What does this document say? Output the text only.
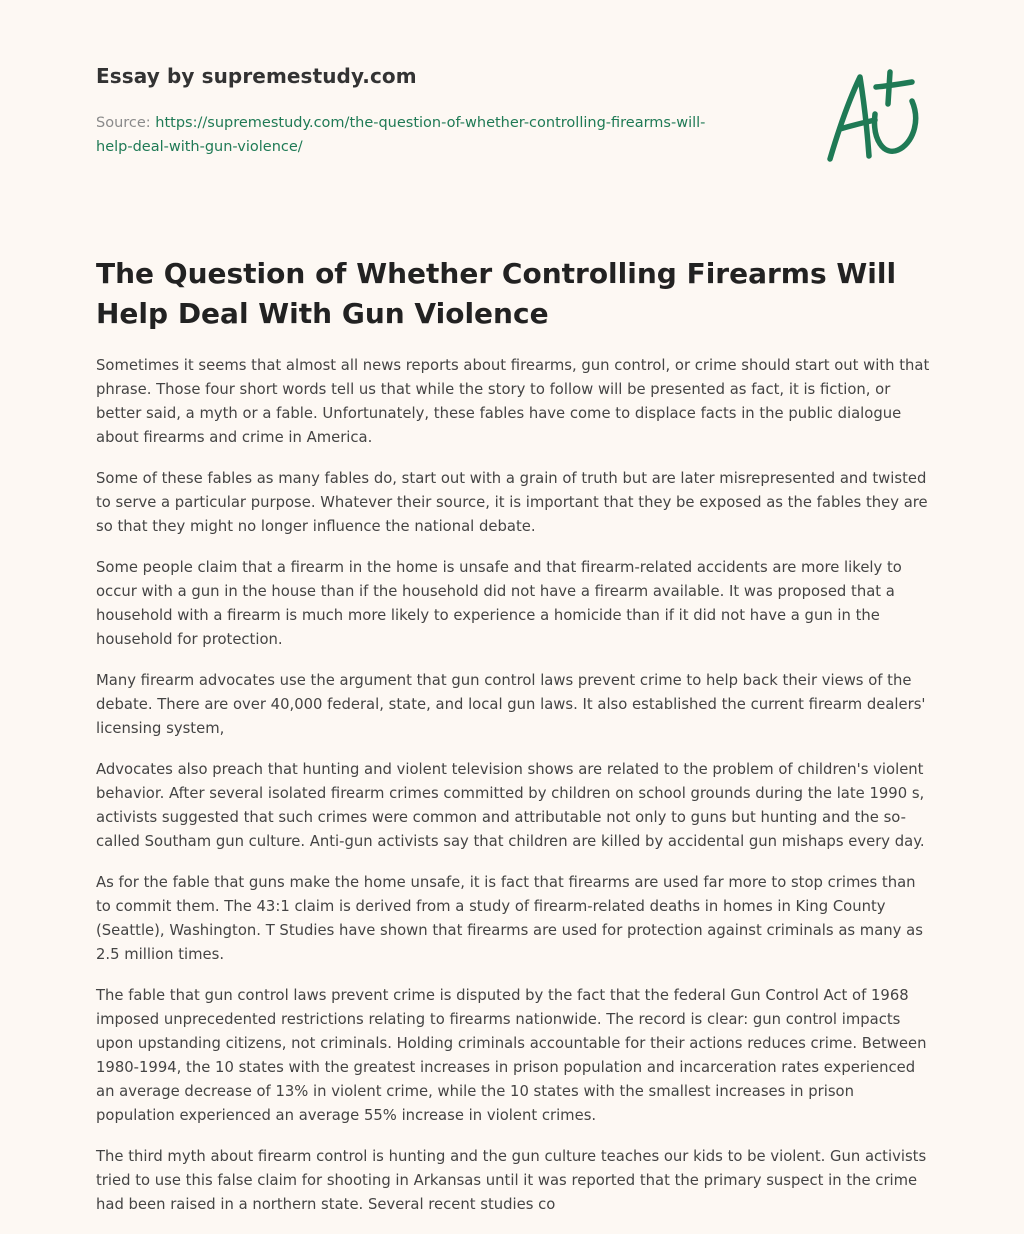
Essay by supremestudy.com
Source: https://supremestudy.com/the-question-of-whether-controlling-firearms-will-
help-deal-with-gun-violence/
The Question of Whether Controlling Firearms Will Help Deal With Gun Violence

Sometimes it seems that almost all news reports about firearms, gun control, or crime should start out with that phrase. Those four short words tell us that while the story to follow will be presented as fact, it is fiction, or better said, a myth or a fable. Unfortunately, these fables have come to displace facts in the public dialogue about firearms and crime in America.

Some of these fables as many fables do, start out with a grain of truth but are later misrepresented and twisted to serve a particular purpose. Whatever their source, it is important that they be exposed as the fables they are so that they might no longer influence the national debate.

Some people claim that a firearm in the home is unsafe and that firearm-related accidents are more likely to occur with a gun in the house than if the household did not have a firearm available. It was proposed that a household with a firearm is much more likely to experience a homicide than if it did not have a gun in the household for protection.

Many firearm advocates use the argument that gun control laws prevent crime to help back their views of the debate. There are over 40,000 federal, state, and local gun laws. It also established the current firearm dealers' licensing system,

Advocates also preach that hunting and violent television shows are related to the problem of children's violent behavior. After several isolated firearm crimes committed by children on school grounds during the late 1990 s, activists suggested that such crimes were common and attributable not only to guns but hunting and the so-called Southam gun culture. Anti-gun activists say that children are killed by accidental gun mishaps every day.

As for the fable that guns make the home unsafe, it is fact that firearms are used far more to stop crimes than to commit them. The 43:1 claim is derived from a study of firearm-related deaths in homes in King County (Seattle), Washington. T Studies have shown that firearms are used for protection against criminals as many as 2.5 million times.

The fable that gun control laws prevent crime is disputed by the fact that the federal Gun Control Act of 1968 imposed unprecedented restrictions relating to firearms nationwide. The record is clear: gun control impacts upon upstanding citizens, not criminals. Holding criminals accountable for their actions reduces crime. Between 1980-1994, the 10 states with the greatest increases in prison population and incarceration rates experienced an average decrease of 13% in violent crime, while the 10 states with the smallest increases in prison population experienced an average 55% increase in violent crimes.

The third myth about firearm control is hunting and the gun culture teaches our kids to be violent. Gun activists tried to use this false claim for shooting in Arkansas until it was reported that the primary suspect in the crime had been raised in a northern state. Several recent studies co
